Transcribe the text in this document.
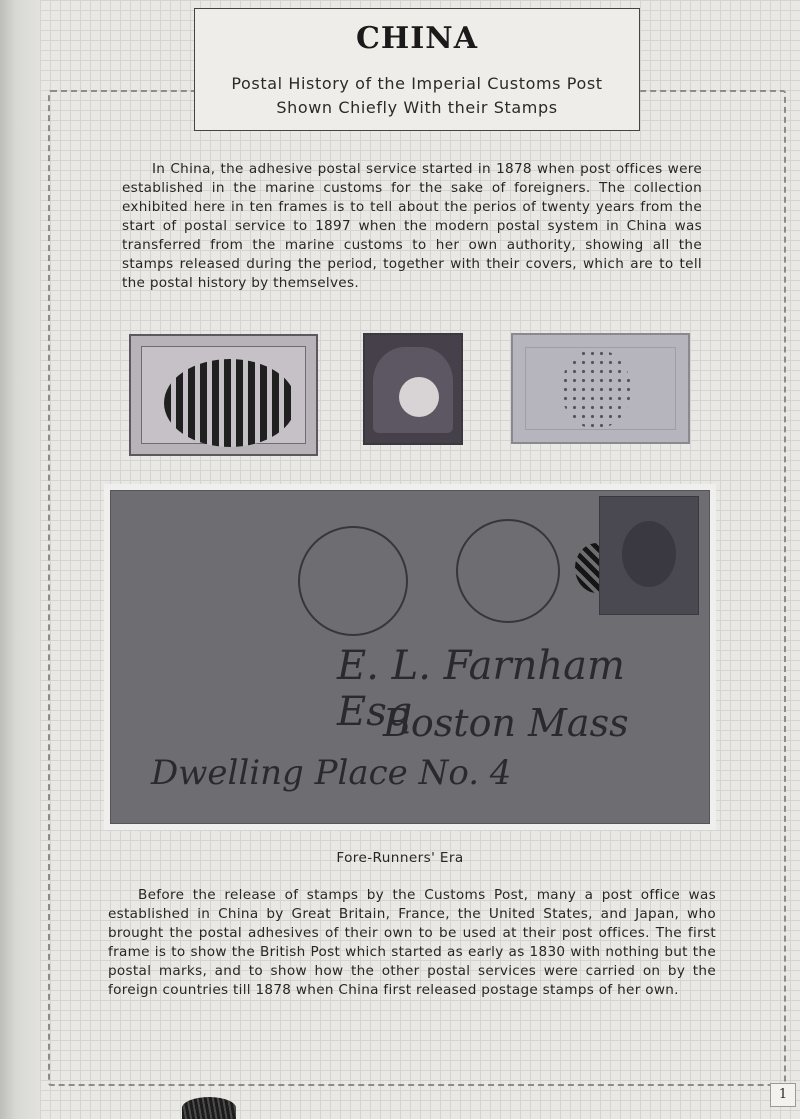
CHINA
Postal History of the Imperial Customs Post
Shown Chiefly With their Stamps

In China, the adhesive postal service started in 1878 when post offices were established in the marine customs for the sake of foreigners. The collection exhibited here in ten frames is to tell about the perios of twenty years from the start of postal service to 1897 when the modern postal system in China was transferred from the marine customs to her own authority, showing all the stamps released during the period, together with their covers, which are to tell the postal history by themselves.

E. L. Farnham Esq
Boston Mass
Dwelling Place No. 4

Fore-Runners' Era

Before the release of stamps by the Customs Post, many a post office was established in China by Great Britain, France, the United States, and Japan, who brought the postal adhesives of their own to be used at their post offices. The first frame is to show the British Post which started as early as 1830 with nothing but the postal marks, and to show how the other postal services were carried on by the foreign countries till 1878 when China first released postage stamps of her own.

1
